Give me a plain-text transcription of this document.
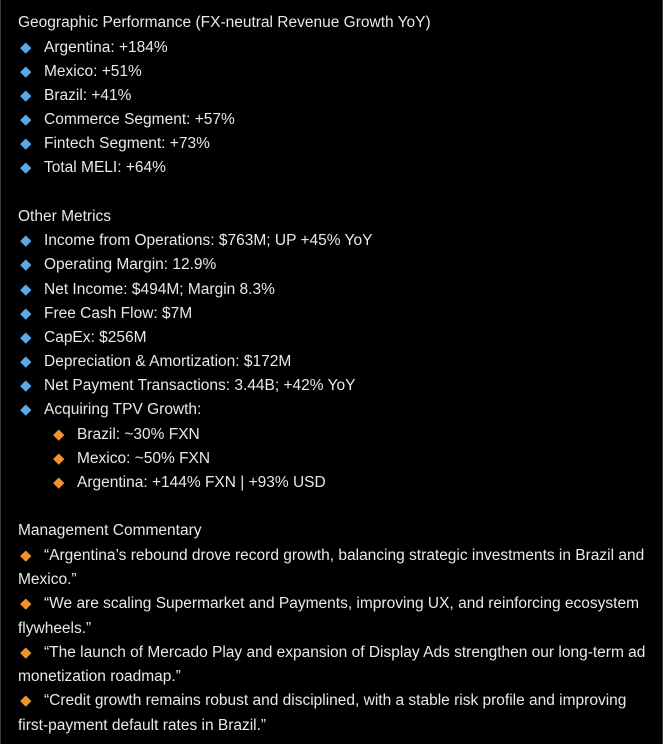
Geographic Performance (FX-neutral Revenue Growth YoY)
Argentina: +184%
Mexico: +51%
Brazil: +41%
Commerce Segment: +57%
Fintech Segment: +73%
Total MELI: +64%
Other Metrics
Income from Operations: $763M; UP +45% YoY
Operating Margin: 12.9%
Net Income: $494M; Margin 8.3%
Free Cash Flow: $7M
CapEx: $256M
Depreciation & Amortization: $172M
Net Payment Transactions: 3.44B; +42% YoY
Acquiring TPV Growth:
Brazil: ~30% FXN
Mexico: ~50% FXN
Argentina: +144% FXN | +93% USD
Management Commentary
“Argentina’s rebound drove record growth, balancing strategic investments in Brazil and Mexico.”
“We are scaling Supermarket and Payments, improving UX, and reinforcing ecosystem flywheels.”
“The launch of Mercado Play and expansion of Display Ads strengthen our long-term ad monetization roadmap.”
“Credit growth remains robust and disciplined, with a stable risk profile and improving first-payment default rates in Brazil.”
